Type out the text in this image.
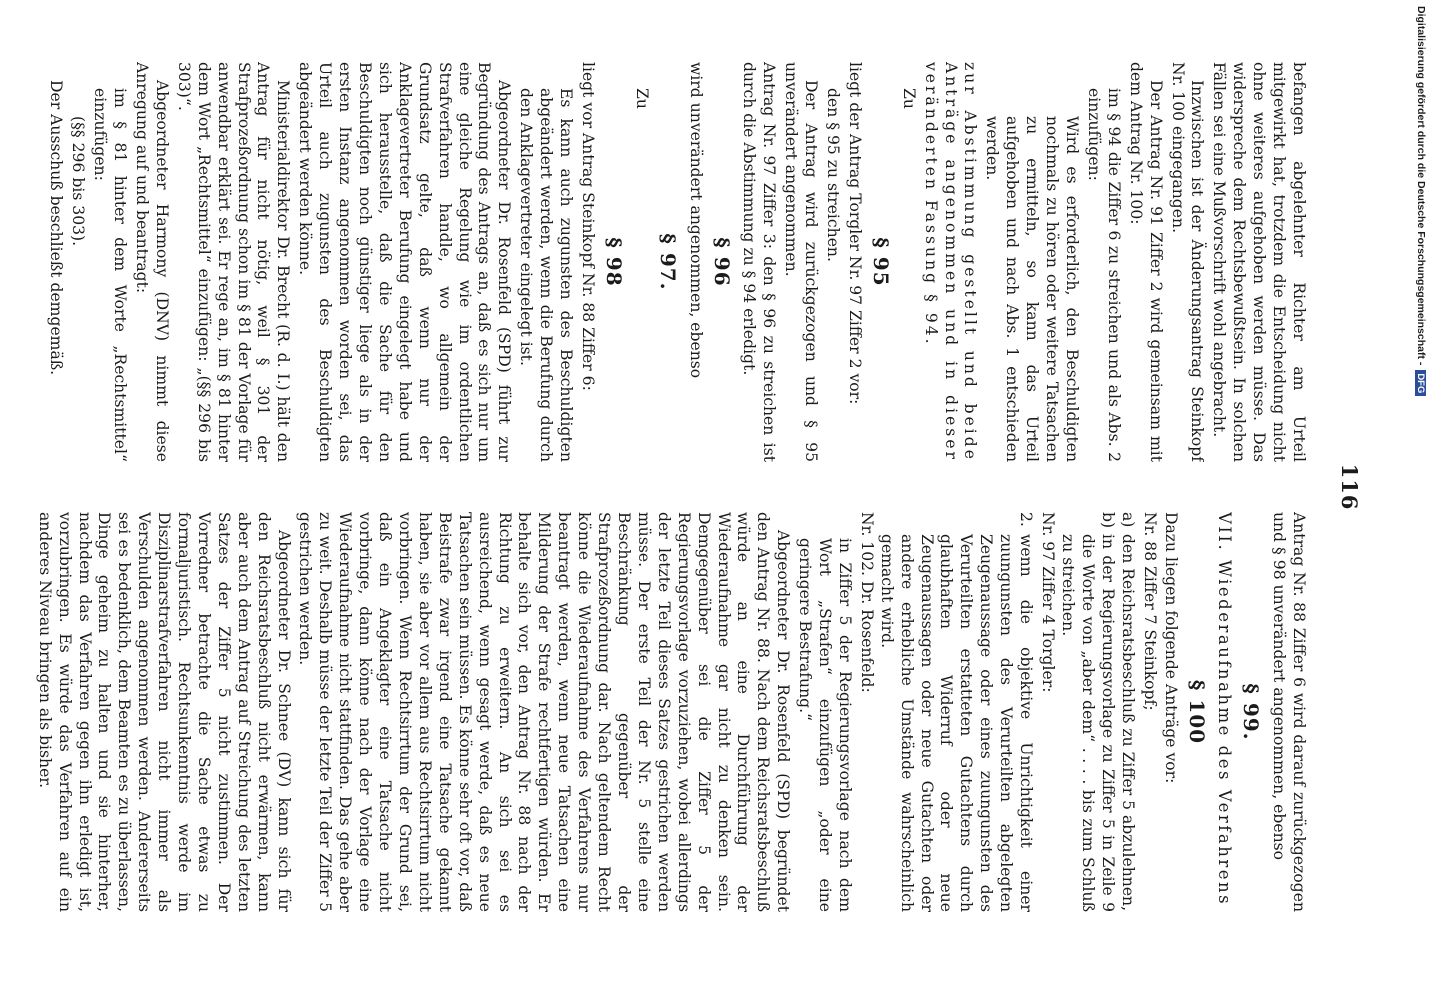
116

befangen abgelehnter Richter am Urteil mitgewirkt hat, trotzdem die Entscheidung nicht ohne weiteres aufgehoben werden müsse. Das widerspreche dem Rechtsbewußtsein. In solchen Fällen sei eine Mußvorschrift wohl angebracht.

Inzwischen ist der Änderungsantrag Steinkopf Nr. 100 eingegangen.

Der Antrag Nr. 91 Ziffer 2 wird gemeinsam mit dem Antrag Nr. 100:

im § 94 die Ziffer 6 zu streichen und als Abs. 2 einzufügen:

Wird es erforderlich, den Beschuldigten nochmals zu hören oder weitere Tatsachen zu ermitteln, so kann das Urteil aufgehoben und nach Abs. 1 entschieden werden.

zur Abstimmung gestellt und beide Anträge angenommen und in dieser veränderten Fassung § 94.

Zu

§ 95

liegt der Antrag Torgler Nr. 97 Ziffer 2 vor:

den § 95 zu streichen.

Der Antrag wird zurückgezogen und § 95 unverändert angenommen.

Antrag Nr. 97 Ziffer 3: den § 96 zu streichen ist durch die Abstimmung zu § 94 erledigt.

§ 96

wird unverändert angenommen, ebenso

§ 97.

Zu

§ 98

liegt vor Antrag Steinkopf Nr. 88 Ziffer 6:

Es kann auch zugunsten des Beschuldigten abgeändert werden, wenn die Berufung durch den Anklagevertreter eingelegt ist.

Abgeordneter Dr. Rosenfeld (SPD) führt zur Begründung des Antrags an, daß es sich nur um eine gleiche Regelung wie im ordentlichen Strafverfahren handle, wo allgemein der Grundsatz gelte, daß wenn nur der Anklagevertreter Berufung eingelegt habe und sich herausstelle, daß die Sache für den Beschuldigten noch günstiger liege als in der ersten Instanz angenommen worden sei, das Urteil auch zugunsten des Beschuldigten abgeändert werden könne.

Ministerialdirektor Dr. Brecht (R. d. I.) hält den Antrag für nicht nötig, weil § 301 der Strafprozeßordnung schon im § 81 der Vorlage für anwendbar erklärt sei. Er rege an, im § 81 hinter dem Wort „Rechtsmittel“ einzufügen: „(§§ 296 bis 303)“.

Abgeordneter Harmony (DNV) nimmt diese Anregung auf und beantragt:

im § 81 hinter dem Worte „Rechtsmittel“ einzufügen:

(§§ 296 bis 303).

Der Ausschuß beschließt demgemäß.

Antrag Nr. 88 Ziffer 6 wird darauf zurückgezogen und § 98 unverändert angenommen, ebenso

§ 99.

VII. Wiederaufnahme des Verfahrens

§ 100

Dazu liegen folgende Anträge vor:

Nr. 88 Ziffer 7 Steinkopf;

a)
den Reichsratsbeschluß zu Ziffer 5 abzulehnen,
b)
in der Regierungsvorlage zu Ziffer 5 in Zeile 9 die Worte von „aber dem“ . . . . bis zum Schluß zu streichen.

Nr. 97 Ziffer 4 Torgler:

2.
wenn die objektive Unrichtigkeit einer zuungunsten des Verurteilten abgelegten Zeugenaussage oder eines zuungunsten des Verurteilten erstatteten Gutachtens durch glaubhaften Widerruf oder neue Zeugenaussagen oder neue Gutachten oder andere erhebliche Umstände wahrscheinlich gemacht wird.

Nr. 102. Dr. Rosenfeld:

in Ziffer 5 der Regierungsvorlage nach dem Wort „Strafen“ einzufügen „oder eine geringere Bestrafung.“

Abgeordneter Dr. Rosenfeld (SPD) begründet den Antrag Nr. 88. Nach dem Reichsratsbeschluß würde an eine Durchführung der Wiederaufnahme gar nicht zu denken sein. Demgegenüber sei die Ziffer 5 der Regierungsvorlage vorzuziehen, wobei allerdings der letzte Teil dieses Satzes gestrichen werden müsse. Der erste Teil der Nr. 5 stelle eine Beschränkung gegenüber der Strafprozeßordnung dar. Nach geltendem Recht könne die Wiederaufnahme des Verfahrens nur beantragt werden, wenn neue Tatsachen eine Milderung der Strafe rechtfertigen würden. Er behalte sich vor, den Antrag Nr. 88 nach der Richtung zu erweitern. An sich sei es ausreichend, wenn gesagt werde, daß es neue Tatsachen sein müssen. Es könne sehr oft vor, daß Beistrafe zwar irgend eine Tatsache gekannt haben, sie aber vor allem aus Rechtsirrtum nicht vorbringen. Wenn Rechtsirrtum der Grund sei, daß ein Angeklagter eine Tatsache nicht vorbringe, dann könne nach der Vorlage eine Wiederaufnahme nicht stattfinden. Das gehe aber zu weit. Deshalb müsse der letzte Teil der Ziffer 5 gestrichen werden.

Abgeordneter Dr. Schnee (DV) kann sich für den Reichsratsbeschluß nicht erwärmen, kann aber auch dem Antrag auf Streichung des letzten Satzes der Ziffer 5 nicht zustimmen. Der Vorredner betrachte die Sache etwas zu formaljuristisch. Rechtsunkenntnis werde im Disziplinarstrafverfahren nicht immer als Verschulden angenommen werden. Andererseits sei es bedenklich, dem Beamten es zu überlassen, Dinge geheim zu halten und sie hinterher, nachdem das Verfahren gegen ihn erledigt ist, vorzubringen. Es würde das Verfahren auf ein anderes Niveau bringen als bisher.

Digitalisierung gefördert durch die Deutsche Forschungsgemeinschaft - DFG
